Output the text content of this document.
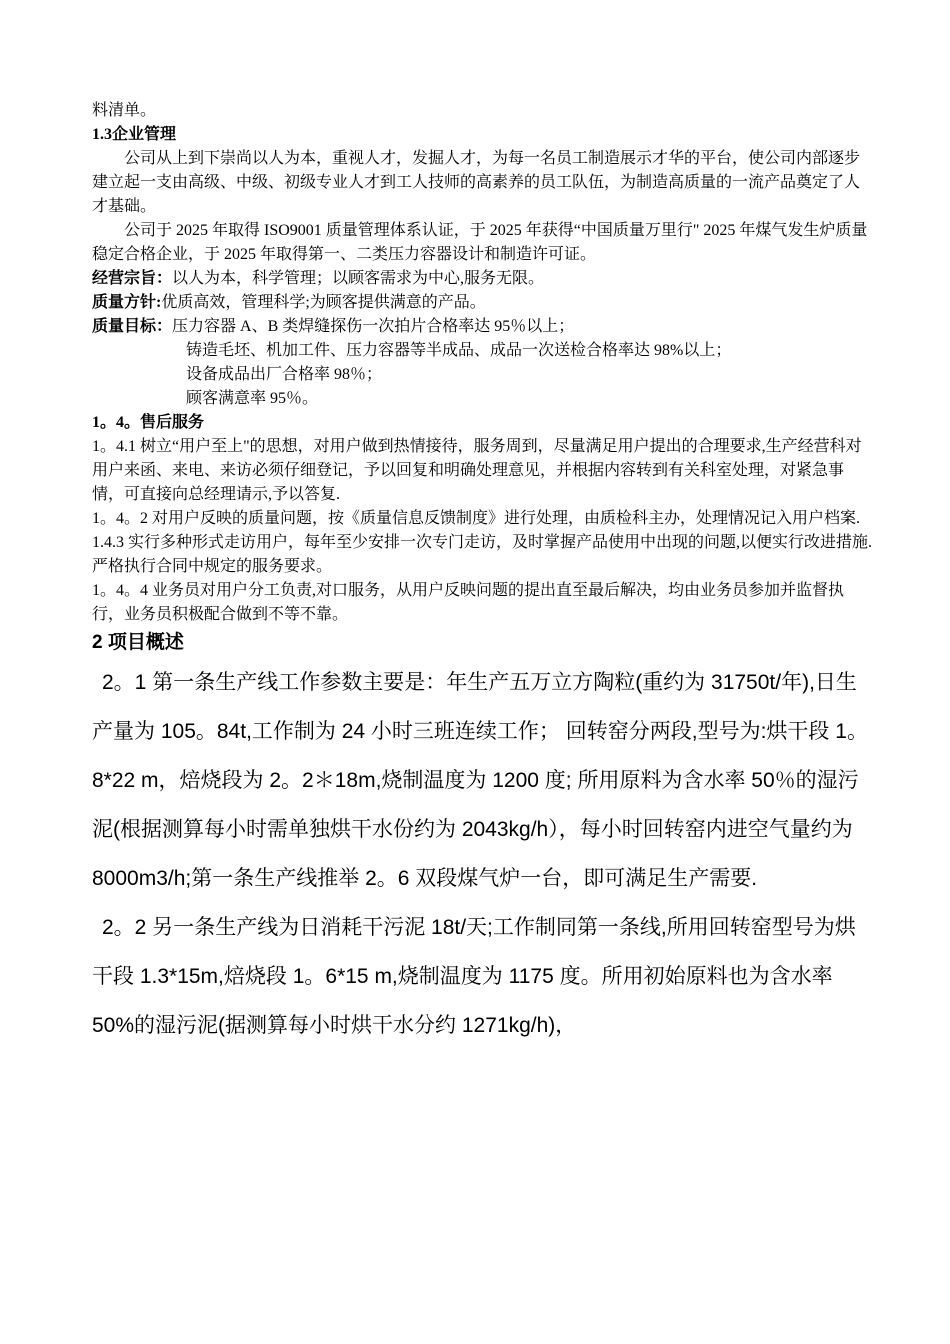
料清单。

1.3企业管理

公司从上到下崇尚以人为本，重视人才，发掘人才，为每一名员工制造展示才华的平台，使公司内部逐步建立起一支由高级、中级、初级专业人才到工人技师的高素养的员工队伍，为制造高质量的一流产品奠定了人才基础。

公司于 2025 年取得 ISO9001 质量管理体系认证，于 2025 年获得“中国质量万里行" 2025 年煤气发生炉质量稳定合格企业，于 2025 年取得第一、二类压力容器设计和制造许可证。

经营宗旨：以人为本，科学管理；以顾客需求为中心,服务无限。

质量方针:优质高效，管理科学;为顾客提供满意的产品。

质量目标： 压力容器 A、B 类焊缝探伤一次拍片合格率达 95％以上；

铸造毛坯、机加工件、压力容器等半成品、成品一次送检合格率达 98%以上；

设备成品出厂合格率 98％；

顾客满意率 95％。

1。4。售后服务

1。4.1 树立“用户至上"的思想，对用户做到热情接待，服务周到，尽量满足用户提出的合理要求,生产经营科对用户来函、来电、来访必须仔细登记，予以回复和明确处理意见，并根据内容转到有关科室处理，对紧急事情，可直接向总经理请示,予以答复.

1。4。2 对用户反映的质量问题，按《质量信息反馈制度》进行处理，由质检科主办，处理情况记入用户档案.

1.4.3 实行多种形式走访用户，每年至少安排一次专门走访，及时掌握产品使用中出现的问题,以便实行改进措施.严格执行合同中规定的服务要求。

1。4。4 业务员对用户分工负责,对口服务，从用户反映问题的提出直至最后解决，均由业务员参加并监督执行，业务员积极配合做到不等不靠。

2 项目概述

2。1 第一条生产线工作参数主要是：年生产五万立方陶粒(重约为 31750t/年),日生产量为 105。84t,工作制为 24 小时三班连续工作； 回转窑分两段,型号为:烘干段 1。8*22 m，焙烧段为 2。2＊18m,烧制温度为 1200 度; 所用原料为含水率 50％的湿污泥(根据测算每小时需单独烘干水份约为 2043kg/h），每小时回转窑内进空气量约为 8000m3/h;第一条生产线推举 2。6 双段煤气炉一台，即可满足生产需要.

2。2 另一条生产线为日消耗干污泥 18t/天;工作制同第一条线,所用回转窑型号为烘干段 1.3*15m,焙烧段 1。6*15 m,烧制温度为 1175 度。所用初始原料也为含水率 50%的湿污泥(据测算每小时烘干水分约 1271kg/h)，
